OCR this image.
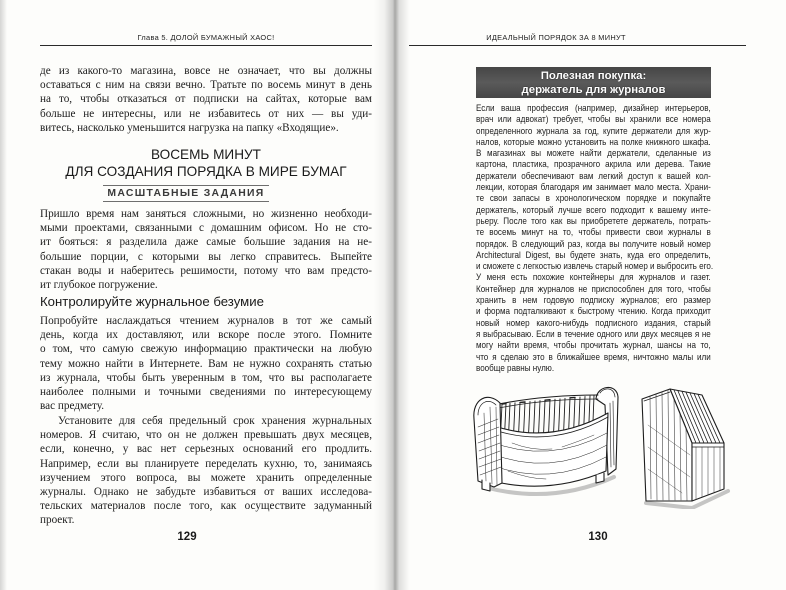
Глава 5. ДОЛОЙ БУМАЖНЫЙ ХАОС!
де из какого-то магазина, вовсе не означает, что вы должны
оставаться с ним на связи вечно. Тратьте по восемь минут в день
на то, чтобы отказаться от подписки на сайтах, которые вам
больше не интересны, или не избавитесь от них — вы уди-
витесь, насколько уменьшится нагрузка на папку «Входящие».
ВОСЕМЬ МИНУТ
ДЛЯ СОЗДАНИЯ ПОРЯДКА В МИРЕ БУМАГ
МАСШТАБНЫЕ ЗАДАНИЯ
Пришло время нам заняться сложными, но жизненно необходи-
мыми проектами, связанными с домашним офисом. Но не сто-
ит бояться: я разделила даже самые большие задания на не-
большие порции, с которыми вы легко справитесь. Выпейте
стакан воды и наберитесь решимости, потому что вам предсто-
ит глубокое погружение.
Контролируйте журнальное безумие
Попробуйте наслаждаться чтением журналов в тот же самый
день, когда их доставляют, или вскоре после этого. Помните
о том, что самую свежую информацию практически на любую
тему можно найти в Интернете. Вам не нужно сохранять статью
из журнала, чтобы быть уверенным в том, что вы располагаете
наиболее полными и точными сведениями по интересующему
вас предмету.
Установите для себя предельный срок хранения журнальных
номеров. Я считаю, что он не должен превышать двух месяцев,
если, конечно, у вас нет серьезных оснований его продлить.
Например, если вы планируете переделать кухню, то, занимаясь
изучением этого вопроса, вы можете хранить определенные
журналы. Однако не забудьте избавиться от ваших исследова-
тельских материалов после того, как осуществите задуманный
проект.
129
ИДЕАЛЬНЫЙ ПОРЯДОК ЗА 8 МИНУТ
Полезная покупка:
держатель для журналов
Если ваша профессия (например, дизайнер интерьеров,
врач или адвокат) требует, чтобы вы хранили все номера
определенного журнала за год, купите держатели для жур-
налов, которые можно установить на полке книжного шкафа.
В магазинах вы можете найти держатели, сделанные из
картона, пластика, прозрачного акрила или дерева. Такие
держатели обеспечивают вам легкий доступ к вашей кол-
лекции, которая благодаря им занимает мало места. Храни-
те свои запасы в хронологическом порядке и покупайте
держатель, который лучше всего подходит к вашему инте-
рьеру. После того как вы приобретете держатель, потрать-
те восемь минут на то, чтобы привести свои журналы в
порядок. В следующий раз, когда вы получите новый номер
Architectural Digest, вы будете знать, куда его определить,
и сможете с легкостью извлечь старый номер и выбросить его.
У меня есть похожие контейнеры для журналов и газет.
Контейнер для журналов не приспособлен для того, чтобы
хранить в нем годовую подписку журналов; его размер
и форма подталкивают к быстрому чтению. Когда приходит
новый номер какого-нибудь подписного издания, старый
я выбрасываю. Если в течение одного или двух месяцев я не
могу найти время, чтобы прочитать журнал, шансы на то,
что я сделаю это в ближайшее время, ничтожно малы или
вообще равны нулю.
130
